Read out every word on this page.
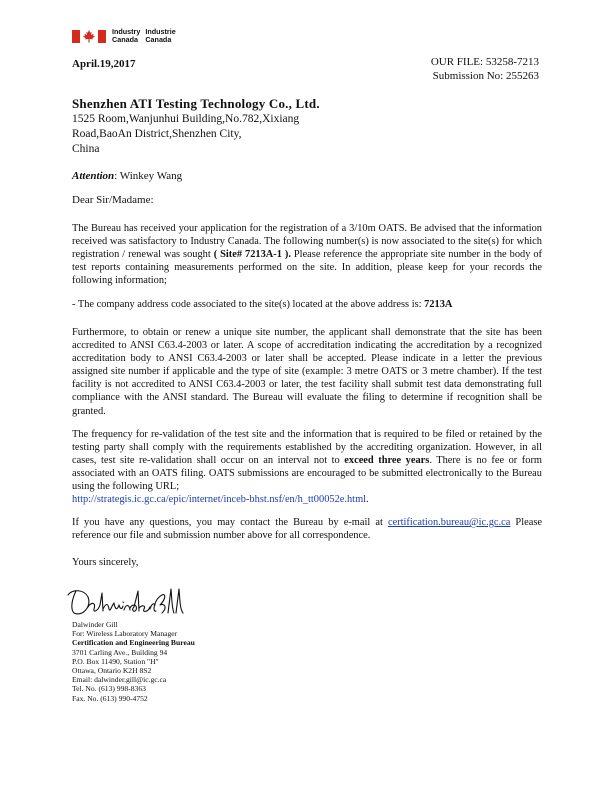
Industry Industrie
Canada	Canada
April.19,2017	OUR FILE: 53258-7213
Submission No: 255263
Shenzhen ATI Testing Technology Co., Ltd.
1525 Room,Wanjunhui Building,No.782,Xixiang
Road,BaoAn District,Shenzhen City,
China
Attention: Winkey Wang
Dear Sir/Madame:
The Bureau has received your application for the registration of a 3/10m OATS. Be advised that the information received was satisfactory to Industry Canada. The following number(s) is now associated to the site(s) for which registration / renewal was sought ( Site# 7213A-1 ). Please reference the appropriate site number in the body of test reports containing measurements performed on the site. In addition, please keep for your records the following information;
- The company address code associated to the site(s) located at the above address is: 7213A
Furthermore, to obtain or renew a unique site number, the applicant shall demonstrate that the site has been accredited to ANSI C63.4-2003 or later. A scope of accreditation indicating the accreditation by a recognized accreditation body to ANSI C63.4-2003 or later shall be accepted. Please indicate in a letter the previous assigned site number if applicable and the type of site (example: 3 metre OATS or 3 metre chamber). If the test facility is not accredited to ANSI C63.4-2003 or later, the test facility shall submit test data demonstrating full compliance with the ANSI standard. The Bureau will evaluate the filing to determine if recognition shall be granted.
The frequency for re-validation of the test site and the information that is required to be filed or retained by the testing party shall comply with the requirements established by the accrediting organization. However, in all cases, test site re-validation shall occur on an interval not to exceed three years. There is no fee or form associated with an OATS filing. OATS submissions are encouraged to be submitted electronically to the Bureau using the following URL;
http://strategis.ic.gc.ca/epic/internet/inceb-bhst.nsf/en/h_tt00052e.html.
If you have any questions, you may contact the Bureau by e-mail at certification.bureau@ic.gc.ca Please reference our file and submission number above for all correspondence.
Yours sincerely,
Dalwinder Gill
For: Wireless Laboratory Manager
Certification and Engineering Bureau
3701 Carling Ave., Building 94
P.O. Box 11490, Station "H"
Ottawa, Ontario K2H 8S2
Email: dalwinder.gill@ic.gc.ca
Tel. No. (613) 998-8363
Fax. No. (613) 990-4752
